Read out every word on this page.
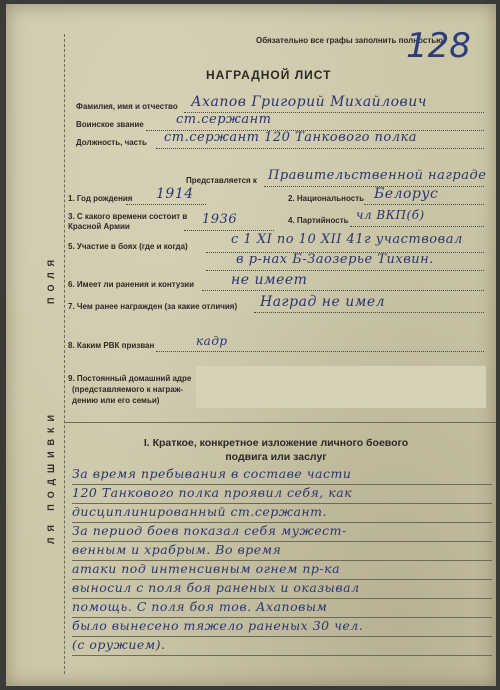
ЛЯ ПОДШИВКИ
ПОЛЯ
Обязательно все графы заполнить полностью.
128
НАГРАДНОЙ ЛИСТ
Фамилия, имя и отчество Ахапов Григорий Михайлович
Воинское звание ст.сержант
Должность, часть ст.сержант 120 Танкового полка
Представляется к Правительственной награде
1. Год рождения 1914	2. Национальность Белорус
3. С какого времени состоит в Красной Армии	1936	4. Партийность чл ВКП(б)
5. Участие в боях (где и когда)	с 1 XI по 10 XII 41г участвовал
в р-нах Б-Заозерье Тихвин.
6. Имеет ли ранения и контузии	не имеет
7. Чем ранее награжден (за какие отличия) Наград не имел
8. Каким РВК призван	кадр
9. Постоянный домашний адре
(представляемого к награж-
дению или его семьи)
I. Краткое, конкретное изложение личного боевого
подвига или заслуг
За время пребывания в составе части
120 Танкового полка проявил себя, как
дисциплинированный ст.сержант.
За период боев показал себя мужест-
венным и храбрым. Во время
атаки под интенсивным огнем пр-ка
выносил с поля боя раненых и оказывал
помощь. С поля боя тов. Ахаповым
было вынесено тяжело раненых 30 чел.
(с оружием).
